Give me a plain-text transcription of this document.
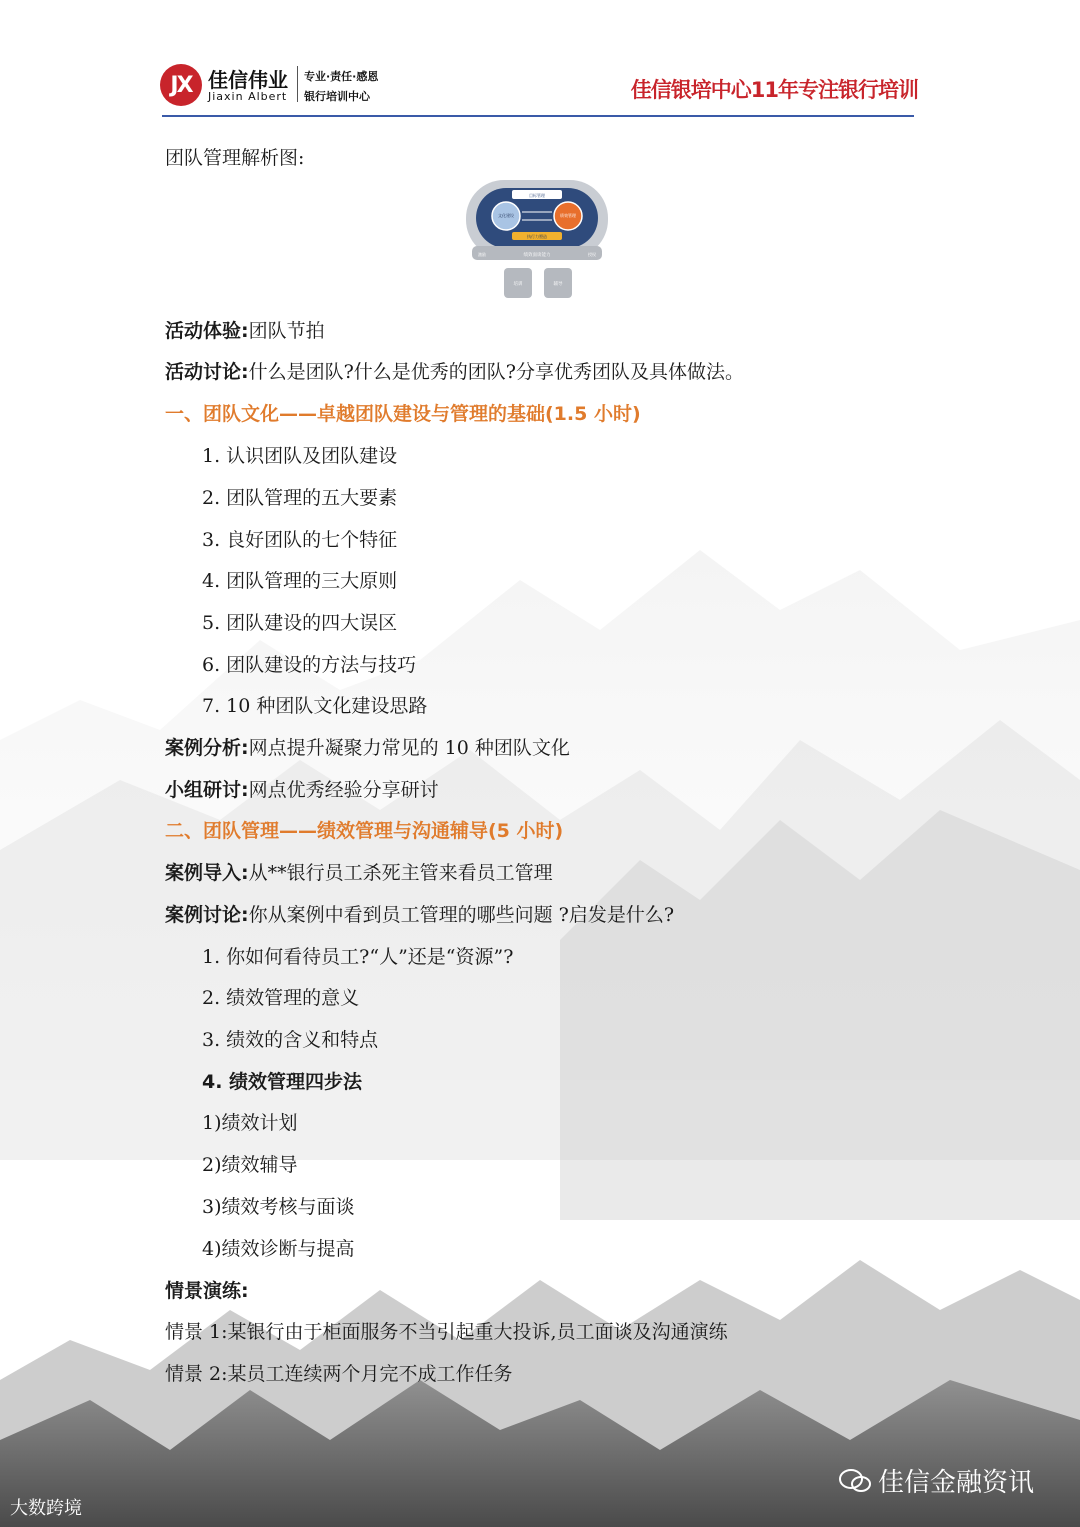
JX 佳信伟业
Jiaxin Albert
专业·责任·感恩
银行培训中心	佳信银培中心11年专注银行培训
团队管理解析图:
目标管理
文化建设	绩效管理
执行力塑造
绩效面谈能力
激励	授权
培训	辅导
活动体验:团队节拍
活动讨论:什么是团队?什么是优秀的团队?分享优秀团队及具体做法。
一、团队文化——卓越团队建设与管理的基础(1.5 小时)
1. 认识团队及团队建设
2. 团队管理的五大要素
3. 良好团队的七个特征
4. 团队管理的三大原则
5. 团队建设的四大误区
6. 团队建设的方法与技巧
7. 10 种团队文化建设思路
案例分析:网点提升凝聚力常见的 10 种团队文化
小组研讨:网点优秀经验分享研讨
二、团队管理——绩效管理与沟通辅导(5 小时)
案例导入:从**银行员工杀死主管来看员工管理
案例讨论:你从案例中看到员工管理的哪些问题 ?启发是什么?
1. 你如何看待员工?“人”还是“资源”?
2. 绩效管理的意义
3. 绩效的含义和特点
4. 绩效管理四步法
1)绩效计划
2)绩效辅导
3)绩效考核与面谈
4)绩效诊断与提高
情景演练:
情景 1:某银行由于柜面服务不当引起重大投诉,员工面谈及沟通演练
情景 2:某员工连续两个月完不成工作任务
佳信金融资讯
大数跨境
